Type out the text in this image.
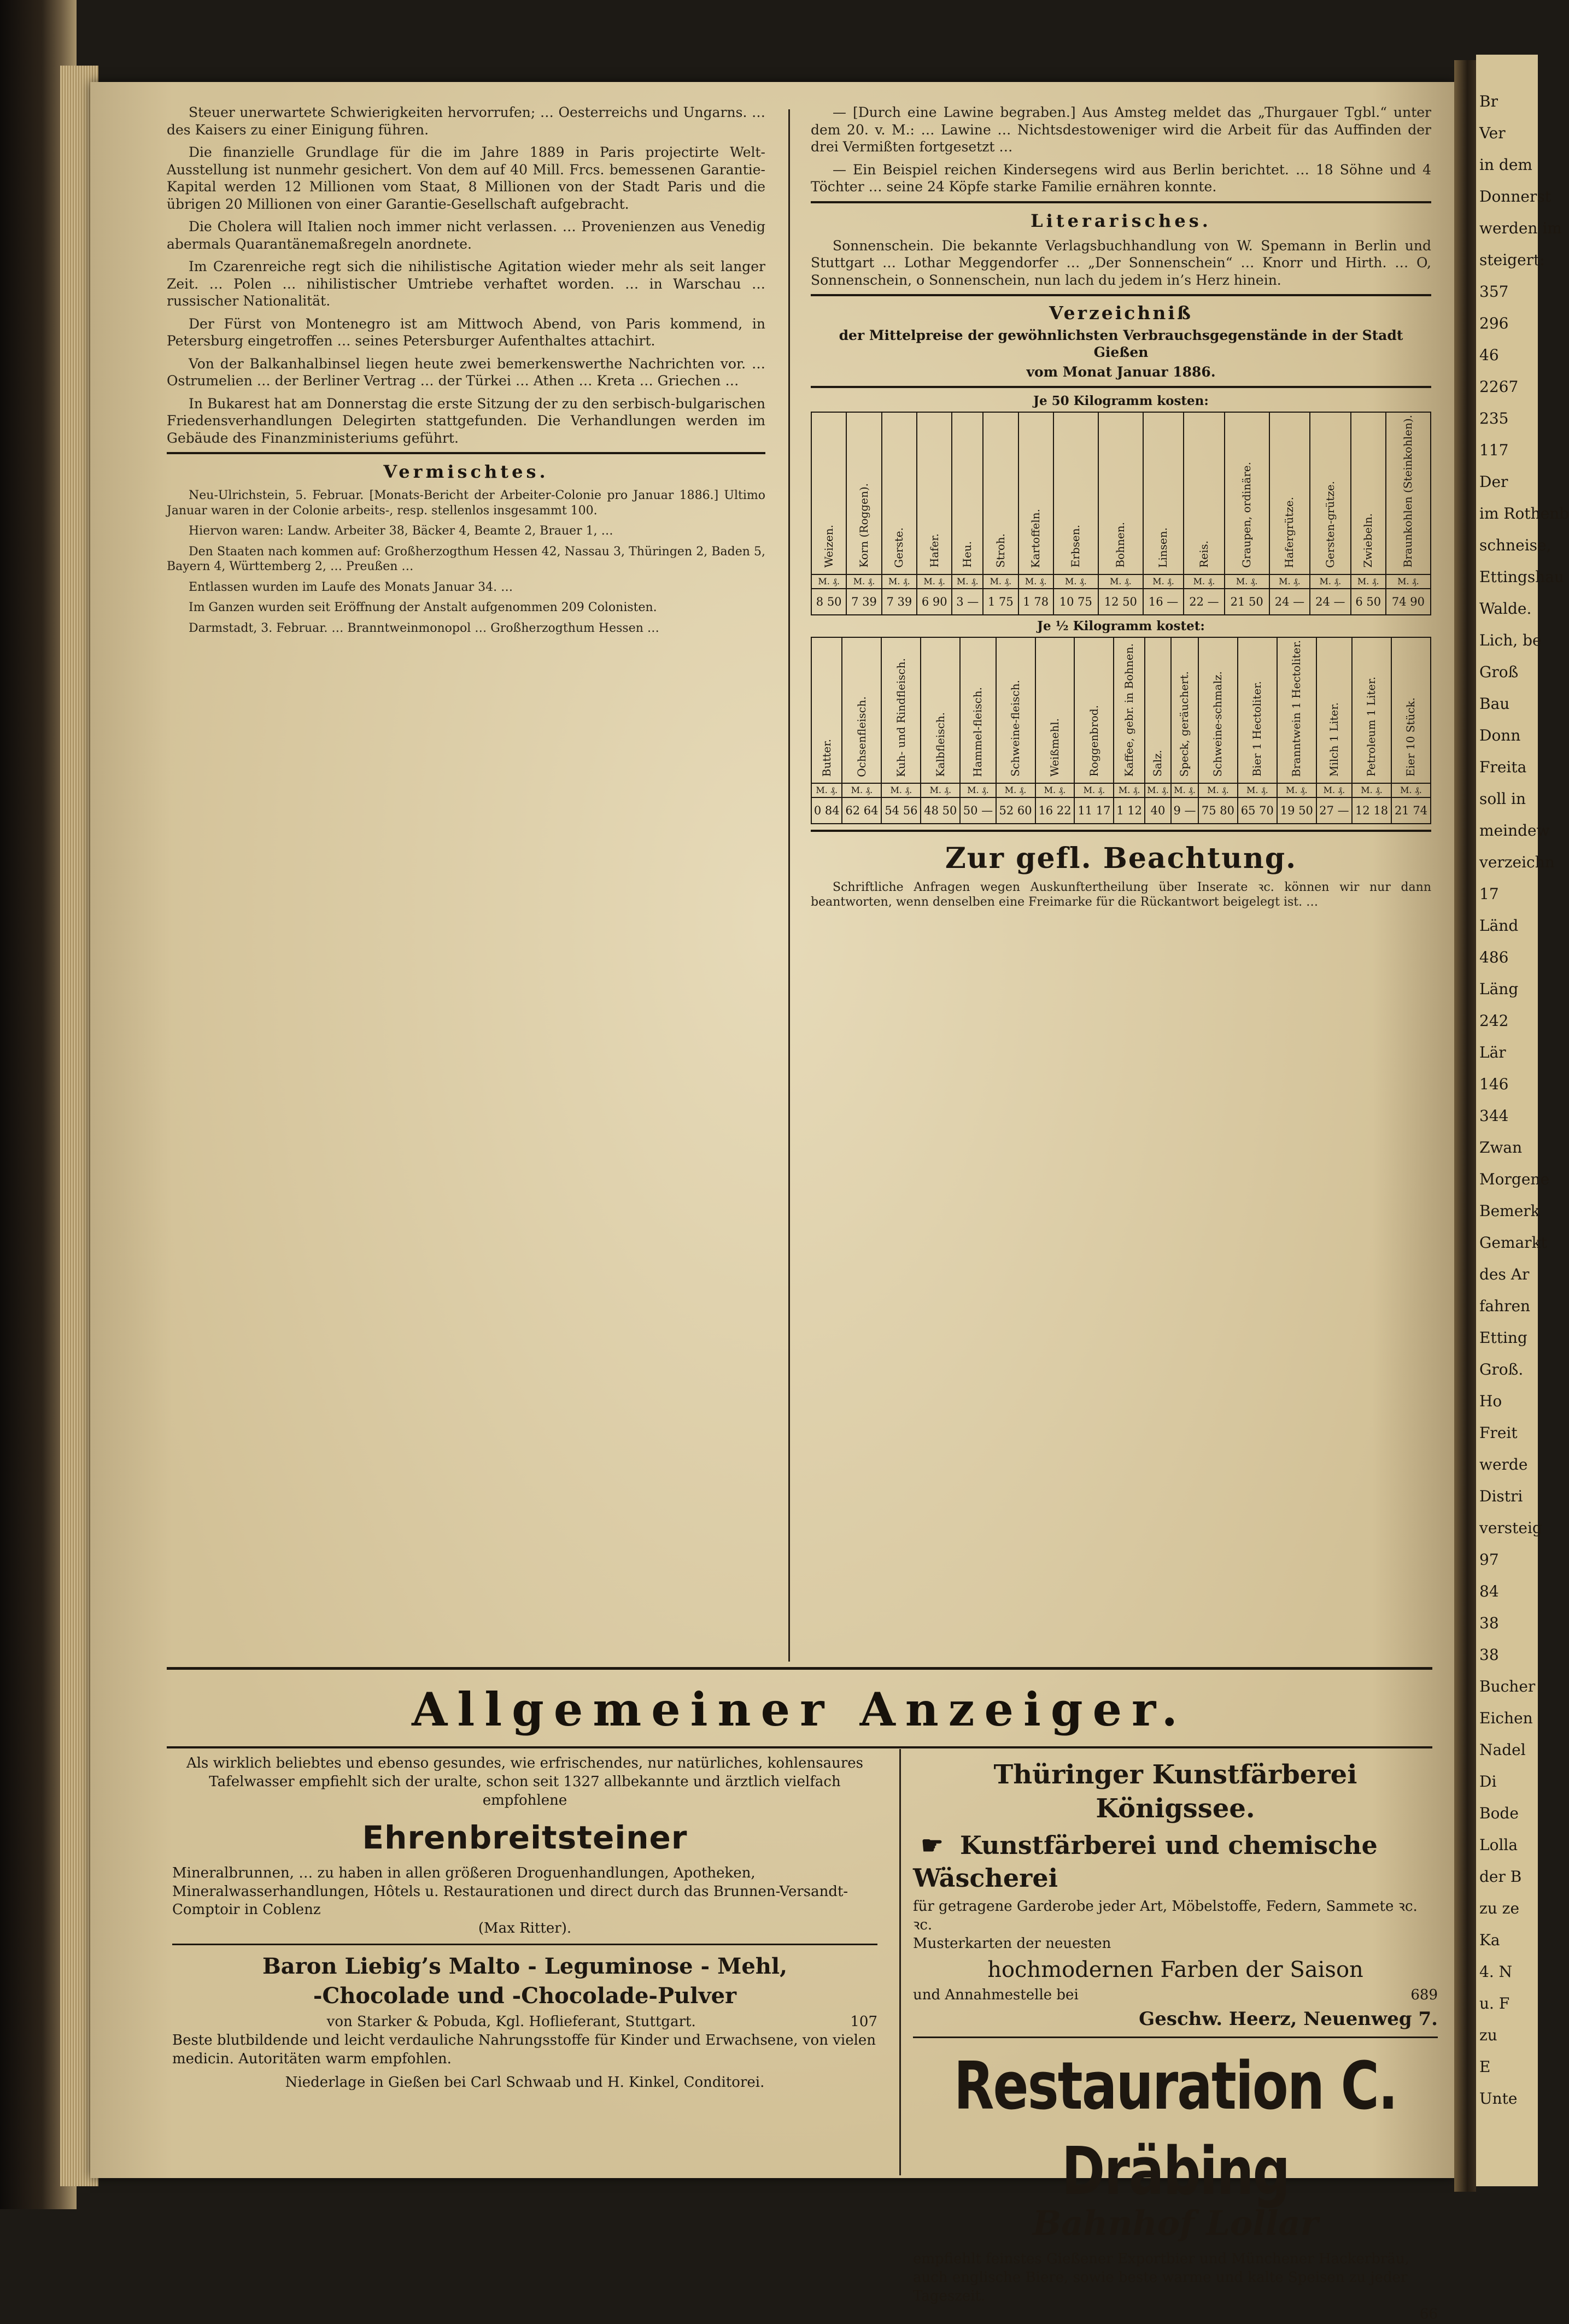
Steuer unerwartete Schwierigkeiten hervorrufen; … Oesterreichs und Ungarns. … des Kaisers zu einer Einigung führen.

Die finanzielle Grundlage für die im Jahre 1889 in Paris projectirte Welt-Ausstellung ist nunmehr gesichert. Von dem auf 40 Mill. Frcs. bemessenen Garantie-Kapital werden 12 Millionen vom Staat, 8 Millionen von der Stadt Paris und die übrigen 20 Millionen von einer Garantie-Gesellschaft aufgebracht.

Die Cholera will Italien noch immer nicht verlassen. … Provenienzen aus Venedig abermals Quarantänemaßregeln anordnete.

Im Czarenreiche regt sich die nihilistische Agitation wieder mehr als seit langer Zeit. … Polen … nihilistischer Umtriebe verhaftet worden. … in Warschau … russischer Nationalität.

Der Fürst von Montenegro ist am Mittwoch Abend, von Paris kommend, in Petersburg eingetroffen … seines Petersburger Aufenthaltes attachirt.

Von der Balkanhalbinsel liegen heute zwei bemerkenswerthe Nachrichten vor. … Ostrumelien … der Berliner Vertrag … der Türkei … Athen … Kreta … Griechen …

In Bukarest hat am Donnerstag die erste Sitzung der zu den serbisch-bulgarischen Friedensverhandlungen Delegirten stattgefunden. Die Verhandlungen werden im Gebäude des Finanzministeriums geführt.

Vermischtes.

Neu-Ulrichstein, 5. Februar. [Monats-Bericht der Arbeiter-Colonie pro Januar 1886.] Ultimo Januar waren in der Colonie arbeits-, resp. stellenlos insgesammt 100.

Hiervon waren: Landw. Arbeiter 38, Bäcker 4, Beamte 2, Brauer 1, …

Den Staaten nach kommen auf: Großherzogthum Hessen 42, Nassau 3, Thüringen 2, Baden 5, Bayern 4, Württemberg 2, … Preußen …

Entlassen wurden im Laufe des Monats Januar 34. …

Im Ganzen wurden seit Eröffnung der Anstalt aufgenommen 209 Colonisten.

Darmstadt, 3. Februar. … Branntweinmonopol … Großherzogthum Hessen …

— [Durch eine Lawine begraben.] Aus Amsteg meldet das „Thurgauer Tgbl.“ unter dem 20. v. M.: … Lawine … Nichtsdestoweniger wird die Arbeit für das Auffinden der drei Vermißten fortgesetzt …

— Ein Beispiel reichen Kindersegens wird aus Berlin berichtet. … 18 Söhne und 4 Töchter … seine 24 Köpfe starke Familie ernähren konnte.

Literarisches.

Sonnenschein. Die bekannte Verlagsbuchhandlung von W. Spemann in Berlin und Stuttgart … Lothar Meggendorfer … „Der Sonnenschein“ … Knorr und Hirth. … O, Sonnenschein, o Sonnenschein, nun lach du jedem in’s Herz hinein.

Verzeichniß
der Mittelpreise der gewöhnlichsten Verbrauchsgegenstände in der Stadt Gießen
vom Monat Januar 1886.
Je 50 Kilogramm kosten:
Weizen.	Korn (Roggen).	Gerste.	Hafer.	Heu.	Stroh.	Kartoffeln.	Erbsen.	Bohnen.	Linsen.	Reis.	Graupen, ordinäre.	Hafergrütze.	Gersten-grütze.	Zwiebeln.	Braunkohlen (Steinkohlen).
M. ₰.	M. ₰.	M. ₰.	M. ₰.	M. ₰.	M. ₰.	M. ₰.	M. ₰.	M. ₰.	M. ₰.	M. ₰.	M. ₰.	M. ₰.	M. ₰.	M. ₰.	M. ₰.
8 50	7 39	7 39	6 90	3 —	1 75	1 78	10 75	12 50	16 —	22 —	21 50	24 —	24 —	6 50	74 90
Je ½ Kilogramm kostet:
Butter.	Ochsenfleisch.	Kuh- und Rindfleisch.	Kalbfleisch.	Hammel-fleisch.	Schweine-fleisch.	Weißmehl.	Roggenbrod.	Kaffee, gebr. in Bohnen.	Salz.	Speck, geräuchert.	Schweine-schmalz.	Bier 1 Hectoliter.	Branntwein 1 Hectoliter.	Milch 1 Liter.	Petroleum 1 Liter.	Eier 10 Stück.
M. ₰.	M. ₰.	M. ₰.	M. ₰.	M. ₰.	M. ₰.	M. ₰.	M. ₰.	M. ₰.	M. ₰.	M. ₰.	M. ₰.	M. ₰.	M. ₰.	M. ₰.	M. ₰.	M. ₰.
0 84	62 64	54 56	48 50	50 —	52 60	16 22	11 17	1 12	40	9 —	75 80	65 70	19 50	27 —	12 18	21 74
Zur gefl. Beachtung.

Schriftliche Anfragen wegen Auskunftertheilung über Inserate ꝛc. können wir nur dann beantworten, wenn denselben eine Freimarke für die Rückantwort beigelegt ist. …

Allgemeiner Anzeiger.
Als wirklich beliebtes und ebenso gesundes, wie erfrischendes, nur natürliches, kohlensaures Tafelwasser empfiehlt sich der uralte, schon seit 1327 allbekannte und ärztlich vielfach empfohlene
Ehrenbreitsteiner
Mineralbrunnen, … zu haben in allen größeren Droguenhandlungen, Apotheken, Mineralwasserhandlungen, Hôtels u. Restaurationen und direct durch das Brunnen-Versandt-Comptoir in Coblenz
(Max Ritter).
Baron Liebig’s Malto - Leguminose - Mehl,
-Chocolade und -Chocolade-Pulver
von Starker & Pobuda, Kgl. Hoflieferant, Stuttgart.	107
Beste blutbildende und leicht verdauliche Nahrungsstoffe für Kinder und Erwachsene, von vielen medicin. Autoritäten warm empfohlen.
Niederlage in Gießen bei Carl Schwaab und H. Kinkel, Conditorei.
Thüringer Kunstfärberei Königssee.
☛ Kunstfärberei und chemische Wäscherei
für getragene Garderobe jeder Art, Möbelstoffe, Federn, Sammete ꝛc. ꝛc.
Musterkarten der neuesten
hochmodernen Farben der Saison
und Annahmestelle bei	689
Geschw. Heerz, Neuenweg 7.
Restauration C. Dräbing
Bahnhof Lollar
empfiehlt feinstes Gießener Exportbier und Münchener Hackerbräu, auch englische Biere, sowie beste warme und kalte Speisen zu jeder Tageszeit.
66
Br
Ver
in dem
Donnerst
werden im
steigert:
357
296
46
2267
235
117
Der
im Rothenb
schneise,
Ettingshau
Walde.
Lich, be
Groß
Bau
Donn
Freita
soll in
meindew
verzeichn
17
Länd
486
Läng
242
Lär
146
344
Zwan
Morgene
Bemerk
Gemarkt
des Ar
fahren
Etting
Groß.
Ho
Freit
werde
Distri
versteig
97
84
38
38
Bucher
Eichen
Nadel
Di
Bode
Lolla
der B
zu ze
Ka
4. N
u. F
zu
E
Unte
